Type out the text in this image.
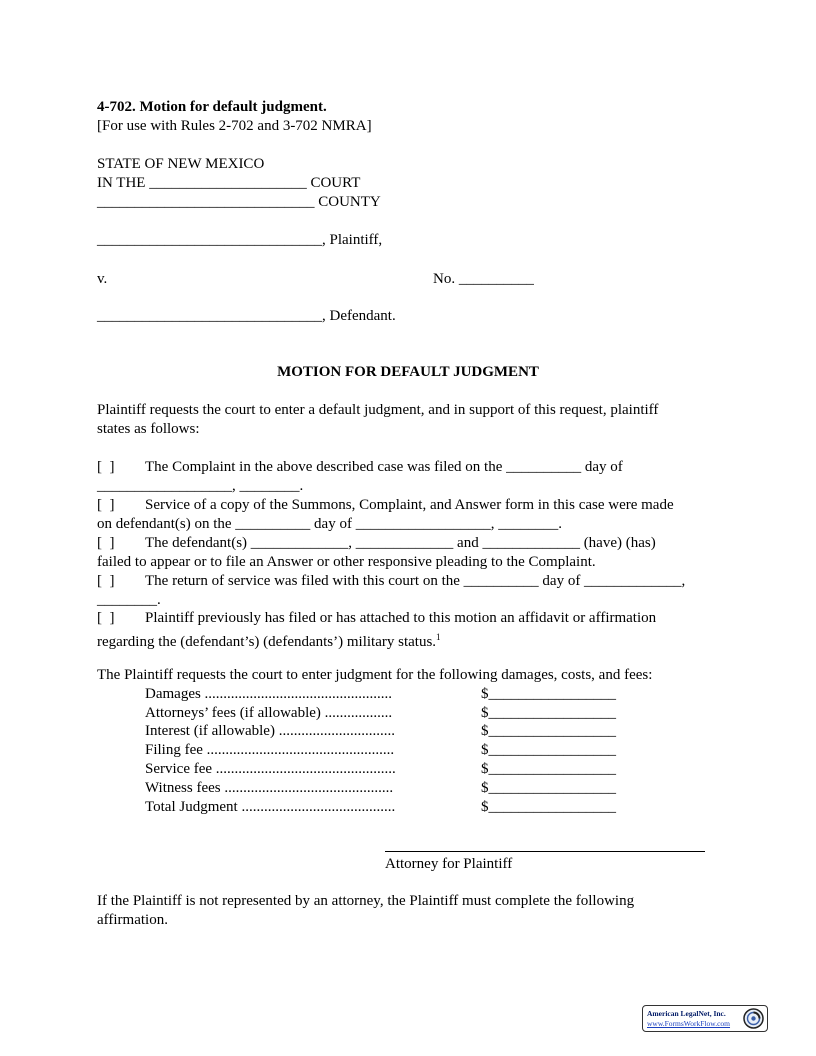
4-702. Motion for default judgment.
[For use with Rules 2-702 and 3-702 NMRA]
STATE OF NEW MEXICO
IN THE _____________________ COURT
_____________________________ COUNTY
______________________________, Plaintiff,
v.	No. __________
______________________________, Defendant.
MOTION FOR DEFAULT JUDGMENT
Plaintiff requests the court to enter a default judgment, and in support of this request, plaintiff
states as follows:
[  ] The Complaint in the above described case was filed on the __________ day of
__________________, ________.
[  ] Service of a copy of the Summons, Complaint, and Answer form in this case were made
on defendant(s) on the __________ day of __________________, ________.
[  ] The defendant(s) _____________, _____________ and _____________ (have) (has)
failed to appear or to file an Answer or other responsive pleading to the Complaint.
[  ] The return of service was filed with this court on the __________ day of _____________,
________.
[  ] Plaintiff previously has filed or has attached to this motion an affidavit or affirmation
regarding the (defendant’s) (defendants’) military status.$^1$
The Plaintiff requests the court to enter judgment for the following damages, costs, and fees:
Damages ..................................................	$_________________
Attorneys’ fees (if allowable) ..................	$_________________
Interest (if allowable) ...............................	$_________________
Filing fee ..................................................	$_________________
Service fee ................................................	$_________________
Witness fees .............................................	$_________________
Total Judgment .........................................	$_________________
Attorney for Plaintiff
If the Plaintiff is not represented by an attorney, the Plaintiff must complete the following
affirmation.
American LegalNet, Inc.
www.FormsWorkFlow.com
